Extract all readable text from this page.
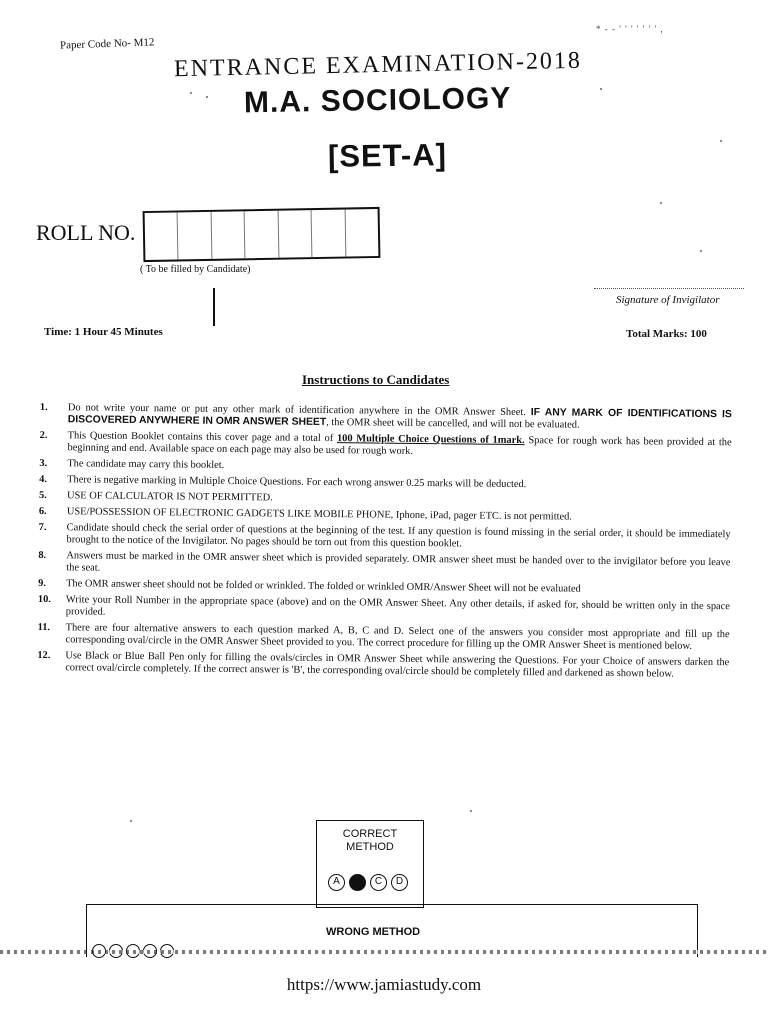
Paper Code No- M12
* - - ' ' ' ' ' ' ' ,
ENTRANCE EXAMINATION-2018
M.A. SOCIOLOGY
[SET-A]
ROLL NO.
( To be filled by Candidate)
Signature of Invigilator
Time: 1 Hour 45 Minutes	Total Marks: 100
Instructions to Candidates
1.	Do not write your name or put any other mark of identification anywhere in the OMR Answer Sheet. IF ANY MARK OF IDENTIFICATIONS IS DISCOVERED ANYWHERE IN OMR ANSWER SHEET, the OMR sheet will be cancelled, and will not be evaluated.
2.	This Question Booklet contains this cover page and a total of 100 Multiple Choice Questions of 1mark. Space for rough work has been provided at the beginning and end. Available space on each page may also be used for rough work.
3.	The candidate may carry this booklet.
4.	There is negative marking in Multiple Choice Questions. For each wrong answer 0.25 marks will be deducted.
5.	USE OF CALCULATOR IS NOT PERMITTED.
6.	USE/POSSESSION OF ELECTRONIC GADGETS LIKE MOBILE PHONE, Iphone, iPad, pager ETC. is not permitted.
7.	Candidate should check the serial order of questions at the beginning of the test. If any question is found missing in the serial order, it should be immediately brought to the notice of the Invigilator. No pages should be torn out from this question booklet.
8.	Answers must be marked in the OMR answer sheet which is provided separately. OMR answer sheet must be handed over to the invigilator before you leave the seat.
9.	The OMR answer sheet should not be folded or wrinkled. The folded or wrinkled OMR/Answer Sheet will not be evaluated
10.	Write your Roll Number in the appropriate space (above) and on the OMR Answer Sheet. Any other details, if asked for, should be written only in the space provided.
11.	There are four alternative answers to each question marked A, B, C and D. Select one of the answers you consider most appropriate and fill up the corresponding oval/circle in the OMR Answer Sheet provided to you. The correct procedure for filling up the OMR Answer Sheet is mentioned below.
12.	Use Black or Blue Ball Pen only for filling the ovals/circles in OMR Answer Sheet while answering the Questions. For your Choice of answers darken the correct oval/circle completely. If the correct answer is 'B', the corresponding oval/circle should be completely filled and darkened as shown below.
CORRECT METHOD
A	B	C	D
WRONG METHOD
https://www.jamiastudy.com
